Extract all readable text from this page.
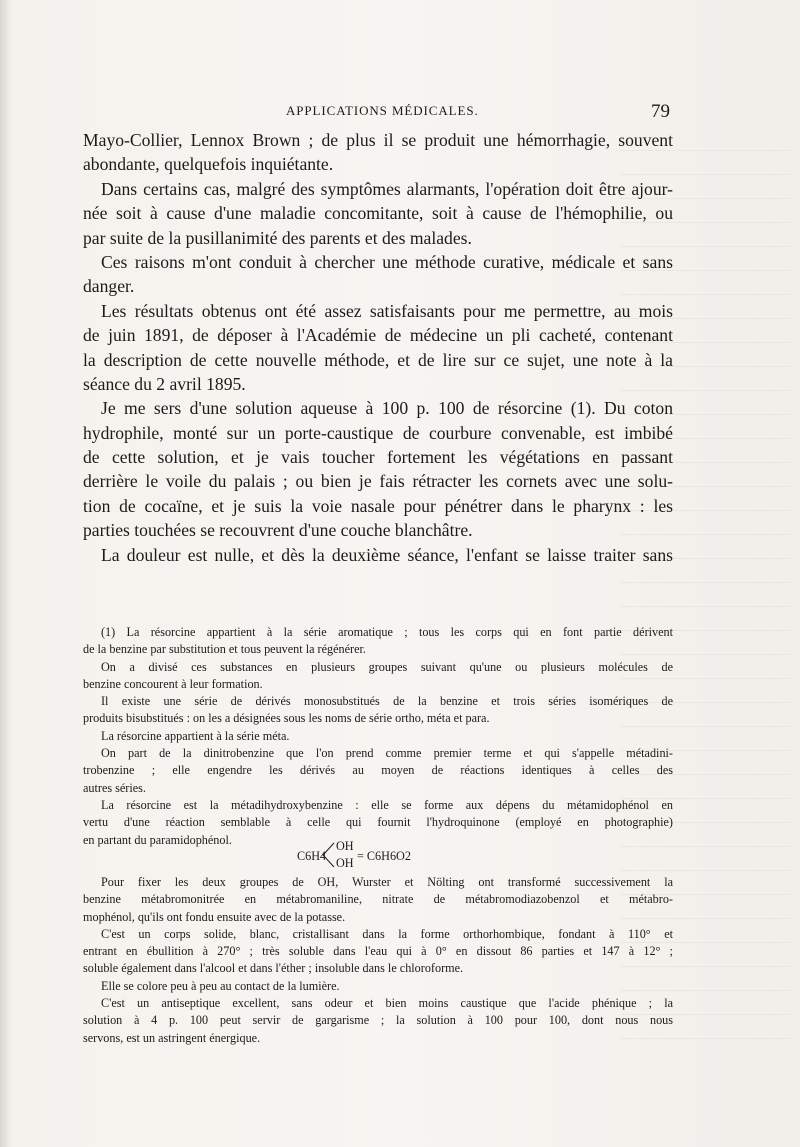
APPLICATIONS MÉDICALES.	79
Mayo-Collier, Lennox Brown ; de plus il se produit une hémorrhagie, souvent
abondante, quelquefois inquiétante.
Dans certains cas, malgré des symptômes alarmants, l'opération doit être ajour-
née soit à cause d'une maladie concomitante, soit à cause de l'hémophilie, ou
par suite de la pusillanimité des parents et des malades.
Ces raisons m'ont conduit à chercher une méthode curative, médicale et sans
danger.
Les résultats obtenus ont été assez satisfaisants pour me permettre, au mois
de juin 1891, de déposer à l'Académie de médecine un pli cacheté, contenant
la description de cette nouvelle méthode, et de lire sur ce sujet, une note à la
séance du 2 avril 1895.
Je me sers d'une solution aqueuse à 100 p. 100 de résorcine (1). Du coton
hydrophile, monté sur un porte-caustique de courbure convenable, est imbibé
de cette solution, et je vais toucher fortement les végétations en passant
derrière le voile du palais ; ou bien je fais rétracter les cornets avec une solu-
tion de cocaïne, et je suis la voie nasale pour pénétrer dans le pharynx : les
parties touchées se recouvrent d'une couche blanchâtre.
La douleur est nulle, et dès la deuxième séance, l'enfant se laisse traiter sans
(1) La résorcine appartient à la série aromatique ; tous les corps qui en font partie dérivent
de la benzine par substitution et tous peuvent la régénérer.
On a divisé ces substances en plusieurs groupes suivant qu'une ou plusieurs molécules de
benzine concourent à leur formation.
Il existe une série de dérivés monosubstitués de la benzine et trois séries isomériques de
produits bisubstitués : on les a désignées sous les noms de série ortho, méta et para.
La résorcine appartient à la série méta.
On part de la dinitrobenzine que l'on prend comme premier terme et qui s'appelle métadini-
trobenzine ; elle engendre les dérivés au moyen de réactions identiques à celles des
autres séries.
La résorcine est la métadihydroxybenzine : elle se forme aux dépens du métamidophénol en
vertu d'une réaction semblable à celle qui fournit l'hydroquinone (employé en photographie)
en partant du paramidophénol.
C6H4
OH
OH = C6H6O2
Pour fixer les deux groupes de OH, Wurster et Nölting ont transformé successivement la
benzine métabromonitrée en métabromaniline, nitrate de métabromodiazobenzol et métabro-
mophénol, qu'ils ont fondu ensuite avec de la potasse.
C'est un corps solide, blanc, cristallisant dans la forme orthorhombique, fondant à 110° et
entrant en ébullition à 270° ; très soluble dans l'eau qui à 0° en dissout 86 parties et 147 à 12° ;
soluble également dans l'alcool et dans l'éther ; insoluble dans le chloroforme.
Elle se colore peu à peu au contact de la lumière.
C'est un antiseptique excellent, sans odeur et bien moins caustique que l'acide phénique ; la
solution à 4 p. 100 peut servir de gargarisme ; la solution à 100 pour 100, dont nous nous
servons, est un astringent énergique.
